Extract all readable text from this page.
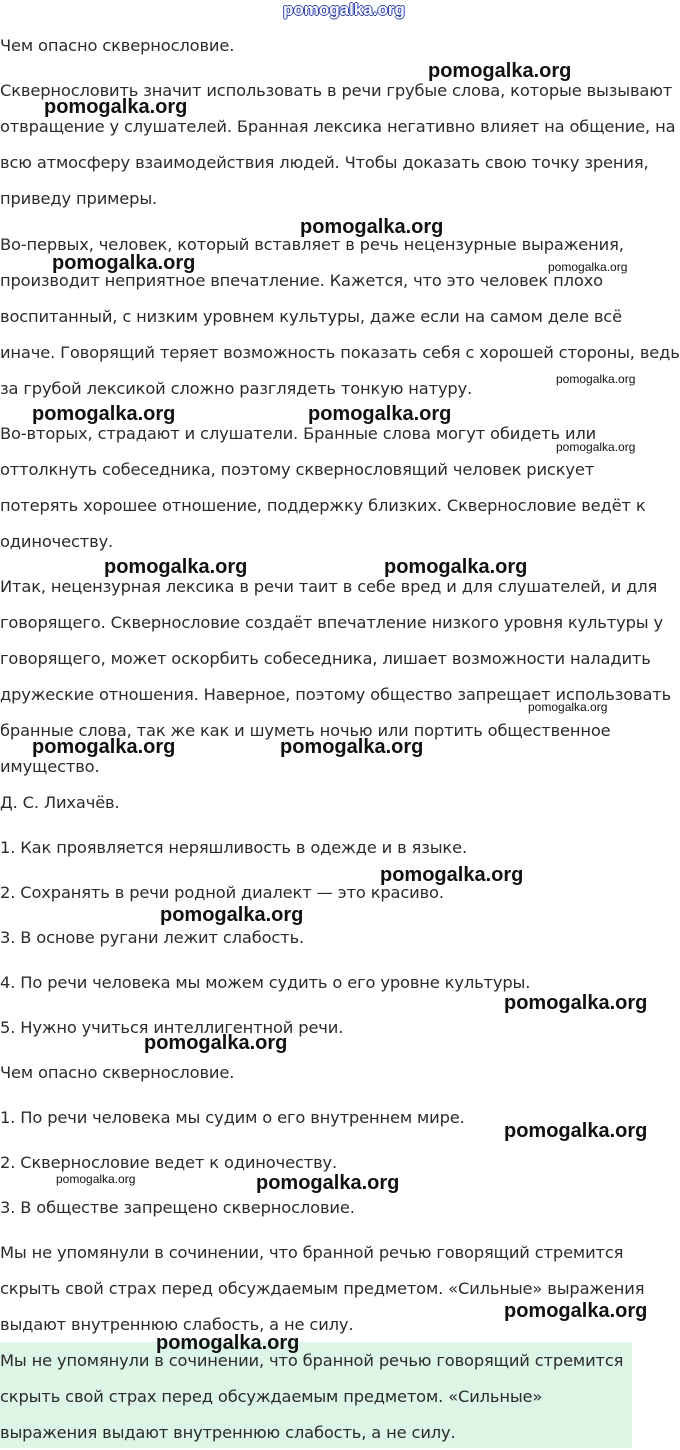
pomogalka.org
Чем опасно сквернословие.
Сквернословить значит использовать в речи грубые слова, которые вызывают
отвращение у слушателей. Бранная лексика негативно влияет на общение, на
всю атмосферу взаимодействия людей. Чтобы доказать свою точку зрения,
приведу примеры.
Во-первых, человек, который вставляет в речь нецензурные выражения,
производит неприятное впечатление. Кажется, что это человек плохо
воспитанный, с низким уровнем культуры, даже если на самом деле всё
иначе. Говорящий теряет возможность показать себя с хорошей стороны, ведь
за грубой лексикой сложно разглядеть тонкую натуру.
Во-вторых, страдают и слушатели. Бранные слова могут обидеть или
оттолкнуть собеседника, поэтому сквернословящий человек рискует
потерять хорошее отношение, поддержку близких. Сквернословие ведёт к
одиночеству.
Итак, нецензурная лексика в речи таит в себе вред и для слушателей, и для
говорящего. Сквернословие создаёт впечатление низкого уровня культуры у
говорящего, может оскорбить собеседника, лишает возможности наладить
дружеские отношения. Наверное, поэтому общество запрещает использовать
бранные слова, так же как и шуметь ночью или портить общественное
имущество.
Д. С. Лихачёв.
1. Как проявляется неряшливость в одежде и в языке.
2. Сохранять в речи родной диалект — это красиво.
3. В основе ругани лежит слабость.
4. По речи человека мы можем судить о его уровне культуры.
5. Нужно учиться интеллигентной речи.
Чем опасно сквернословие.
1. По речи человека мы судим о его внутреннем мире.
2. Сквернословие ведет к одиночеству.
3. В обществе запрещено сквернословие.
Мы не упомянули в сочинении, что бранной речью говорящий стремится
скрыть свой страх перед обсуждаемым предметом. «Сильные» выражения
выдают внутреннюю слабость, а не силу.
Мы не упомянули в сочинении, что бранной речью говорящий стремится
скрыть свой страх перед обсуждаемым предметом. «Сильные»
выражения выдают внутреннюю слабость, а не силу.
pomogalka.org
pomogalka.org
pomogalka.org
pomogalka.org	pomogalka.org
pomogalka.org
pomogalka.org	pomogalka.org
pomogalka.org
pomogalka.org	pomogalka.org
pomogalka.org
pomogalka.org	pomogalka.org
pomogalka.org
pomogalka.org
pomogalka.org
pomogalka.org
pomogalka.org
pomogalka.org	pomogalka.org
pomogalka.org
pomogalka.org
